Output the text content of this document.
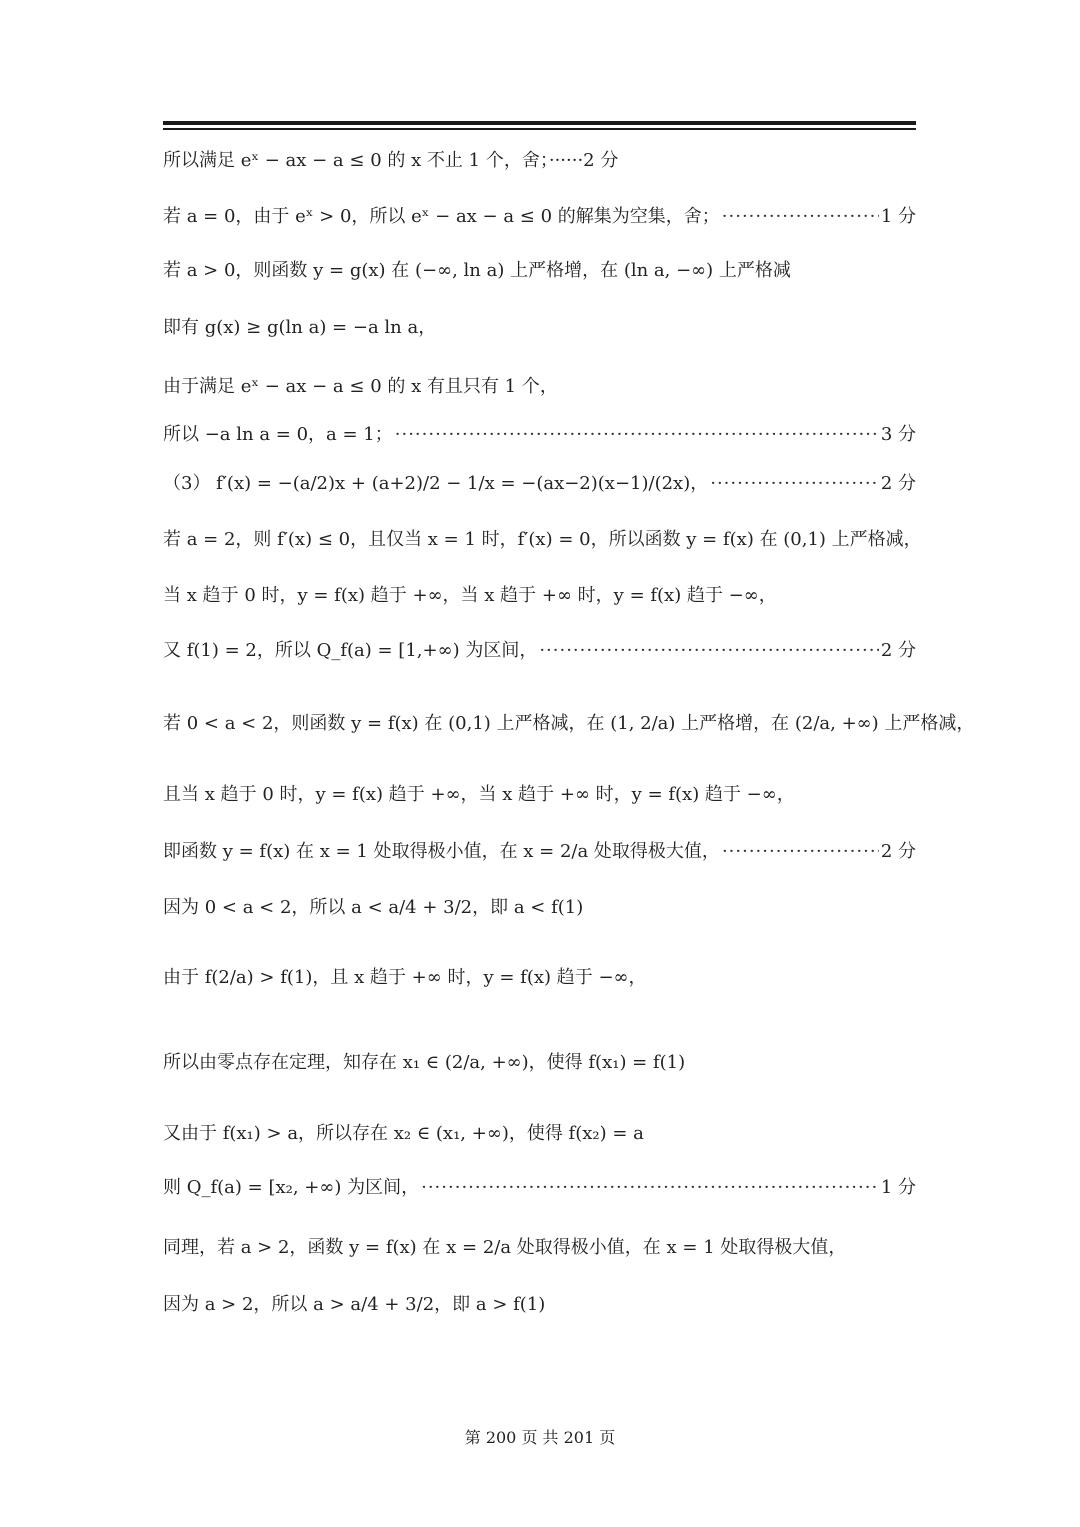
所以满足 eˣ − ax − a ≤ 0 的 x 不止 1 个，舍；······2 分
若 a = 0，由于 eˣ > 0，所以 eˣ − ax − a ≤ 0 的解集为空集，舍； ·····	1 分
若 a > 0，则函数 y = g(x) 在 (−∞, ln a) 上严格增，在 (ln a, −∞) 上严格减
即有 g(x) ≥ g(ln a) = −a ln a，
由于满足 eˣ − ax − a ≤ 0 的 x 有且只有 1 个，
所以 −a ln a = 0，a = 1； ·····	3 分
（3） f′(x) = −(a/2)x + (a+2)/2 − 1/x = −(ax−2)(x−1)/(2x)， ·····	2 分
若 a = 2，则 f′(x) ≤ 0，且仅当 x = 1 时，f′(x) = 0，所以函数 y = f(x) 在 (0,1) 上严格减，
当 x 趋于 0 时，y = f(x) 趋于 +∞，当 x 趋于 +∞ 时，y = f(x) 趋于 −∞，
又 f(1) = 2，所以 Q_f(a) = [1,+∞) 为区间， ·····	2 分
若 0 < a < 2，则函数 y = f(x) 在 (0,1) 上严格减，在 (1, 2/a) 上严格增，在 (2/a, +∞) 上严格减，
且当 x 趋于 0 时，y = f(x) 趋于 +∞，当 x 趋于 +∞ 时，y = f(x) 趋于 −∞，
即函数 y = f(x) 在 x = 1 处取得极小值，在 x = 2/a 处取得极大值， ·····	2 分
因为 0 < a < 2，所以 a < a/4 + 3/2，即 a < f(1)
由于 f(2/a) > f(1)，且 x 趋于 +∞ 时，y = f(x) 趋于 −∞，
所以由零点存在定理，知存在 x₁ ∈ (2/a, +∞)，使得 f(x₁) = f(1)
又由于 f(x₁) > a，所以存在 x₂ ∈ (x₁, +∞)，使得 f(x₂) = a
则 Q_f(a) = [x₂, +∞) 为区间， ·····	1 分
同理，若 a > 2，函数 y = f(x) 在 x = 2/a 处取得极小值，在 x = 1 处取得极大值，
因为 a > 2，所以 a > a/4 + 3/2，即 a > f(1)
第 200 页 共 201 页
